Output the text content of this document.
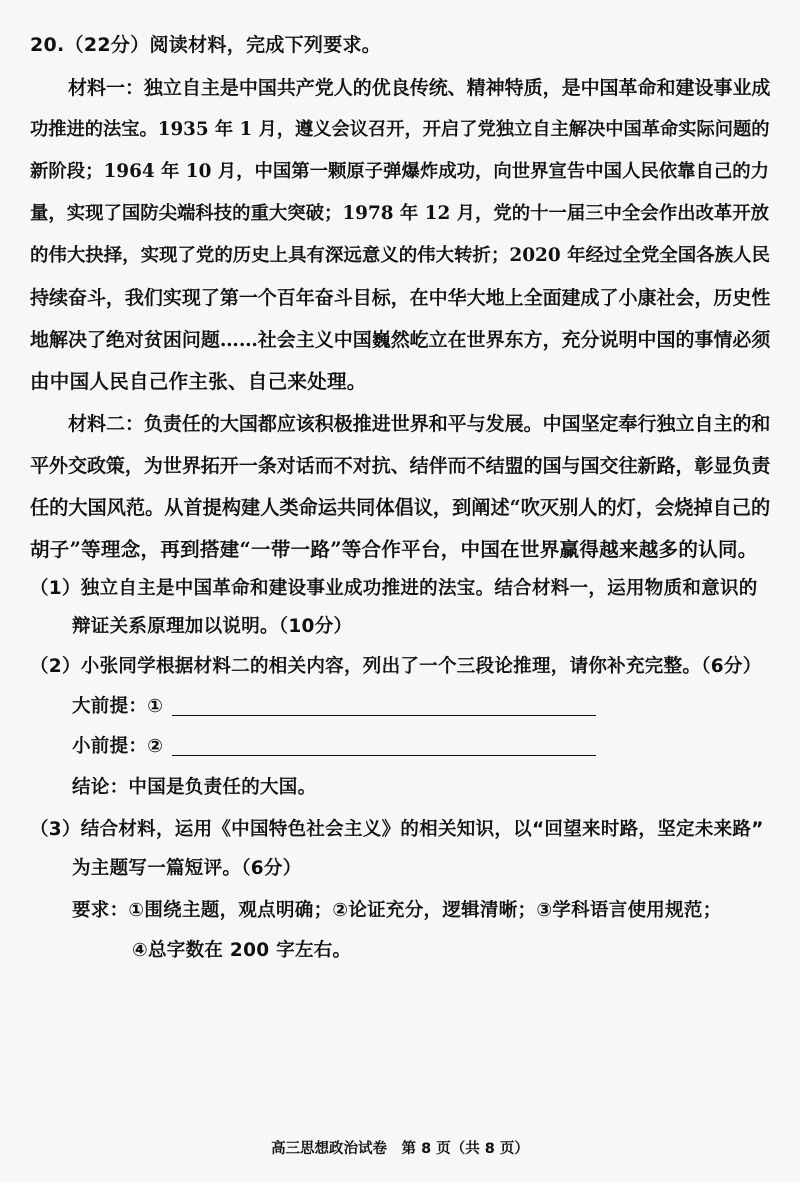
20.（22分）阅读材料，完成下列要求。
材料一：独立自主是中国共产党人的优良传统、精神特质，是中国革命和建设事业成
功推进的法宝。1935 年 1 月，遵义会议召开，开启了党独立自主解决中国革命实际问题的
新阶段；1964 年 10 月，中国第一颗原子弹爆炸成功，向世界宣告中国人民依靠自己的力
量，实现了国防尖端科技的重大突破；1978 年 12 月，党的十一届三中全会作出改革开放
的伟大抉择，实现了党的历史上具有深远意义的伟大转折；2020 年经过全党全国各族人民
持续奋斗，我们实现了第一个百年奋斗目标，在中华大地上全面建成了小康社会，历史性
地解决了绝对贫困问题……社会主义中国巍然屹立在世界东方，充分说明中国的事情必须
由中国人民自己作主张、自己来处理。
材料二：负责任的大国都应该积极推进世界和平与发展。中国坚定奉行独立自主的和
平外交政策，为世界拓开一条对话而不对抗、结伴而不结盟的国与国交往新路，彰显负责
任的大国风范。从首提构建人类命运共同体倡议，到阐述“吹灭别人的灯，会烧掉自己的
胡子”等理念，再到搭建“一带一路”等合作平台，中国在世界赢得越来越多的认同。
（1）独立自主是中国革命和建设事业成功推进的法宝。结合材料一，运用物质和意识的
辩证关系原理加以说明。（10分）
（2）小张同学根据材料二的相关内容，列出了一个三段论推理，请你补充完整。（6分）
大前提：①
小前提：②
结论：中国是负责任的大国。
（3）结合材料，运用《中国特色社会主义》的相关知识，以“回望来时路，坚定未来路”
为主题写一篇短评。（6分）
要求：①围绕主题，观点明确；②论证充分，逻辑清晰；③学科语言使用规范；
④总字数在 200 字左右。
高三思想政治试卷　第 8 页（共 8 页）
